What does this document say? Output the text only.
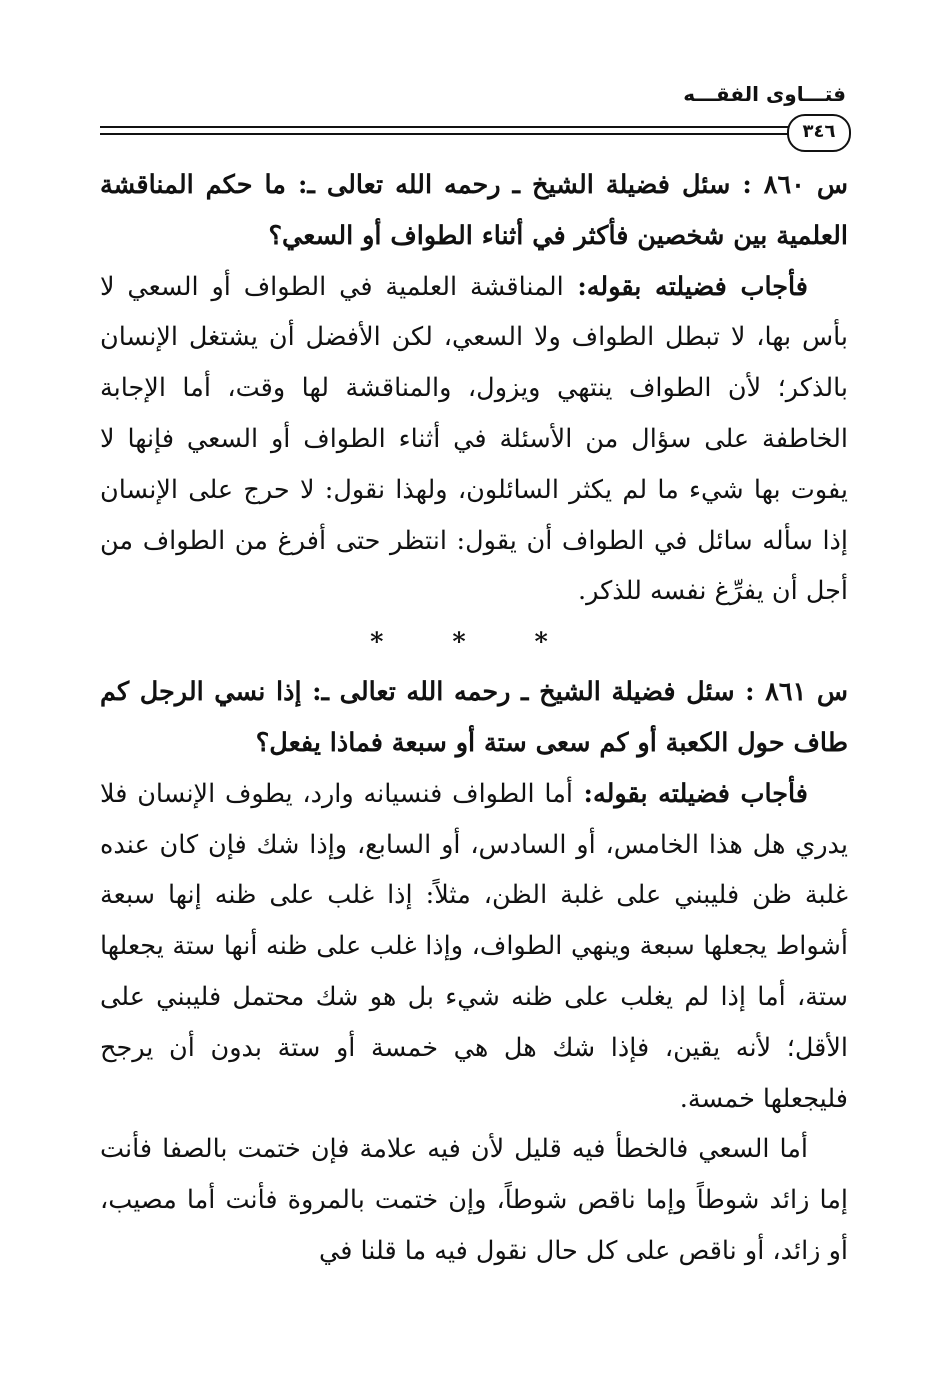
فتـــاوى الفقـــه
٣٤٦

س ٨٦٠ : سئل فضيلة الشيخ ـ رحمه الله تعالى ـ: ما حكم المناقشة العلمية بين شخصين فأكثر في أثناء الطواف أو السعي؟

فأجاب فضيلته بقوله: المناقشة العلمية في الطواف أو السعي لا بأس بها، لا تبطل الطواف ولا السعي، لكن الأفضل أن يشتغل الإنسان بالذكر؛ لأن الطواف ينتهي ويزول، والمناقشة لها وقت، أما الإجابة الخاطفة على سؤال من الأسئلة في أثناء الطواف أو السعي فإنها لا يفوت بها شيء ما لم يكثر السائلون، ولهذا نقول: لا حرج على الإنسان إذا سأله سائل في الطواف أن يقول: انتظر حتى أفرغ من الطواف من أجل أن يفرِّغ نفسه للذكر.

* * *

س ٨٦١ : سئل فضيلة الشيخ ـ رحمه الله تعالى ـ: إذا نسي الرجل كم طاف حول الكعبة أو كم سعى ستة أو سبعة فماذا يفعل؟

فأجاب فضيلته بقوله: أما الطواف فنسيانه وارد، يطوف الإنسان فلا يدري هل هذا الخامس، أو السادس، أو السابع، وإذا شك فإن كان عنده غلبة ظن فليبني على غلبة الظن، مثلاً: إذا غلب على ظنه إنها سبعة أشواط يجعلها سبعة وينهي الطواف، وإذا غلب على ظنه أنها ستة يجعلها ستة، أما إذا لم يغلب على ظنه شيء بل هو شك محتمل فليبني على الأقل؛ لأنه يقين، فإذا شك هل هي خمسة أو ستة بدون أن يرجح فليجعلها خمسة.

أما السعي فالخطأ فيه قليل لأن فيه علامة فإن ختمت بالصفا فأنت إما زائد شوطاً وإما ناقص شوطاً، وإن ختمت بالمروة فأنت أما مصيب، أو زائد، أو ناقص على كل حال نقول فيه ما قلنا في
